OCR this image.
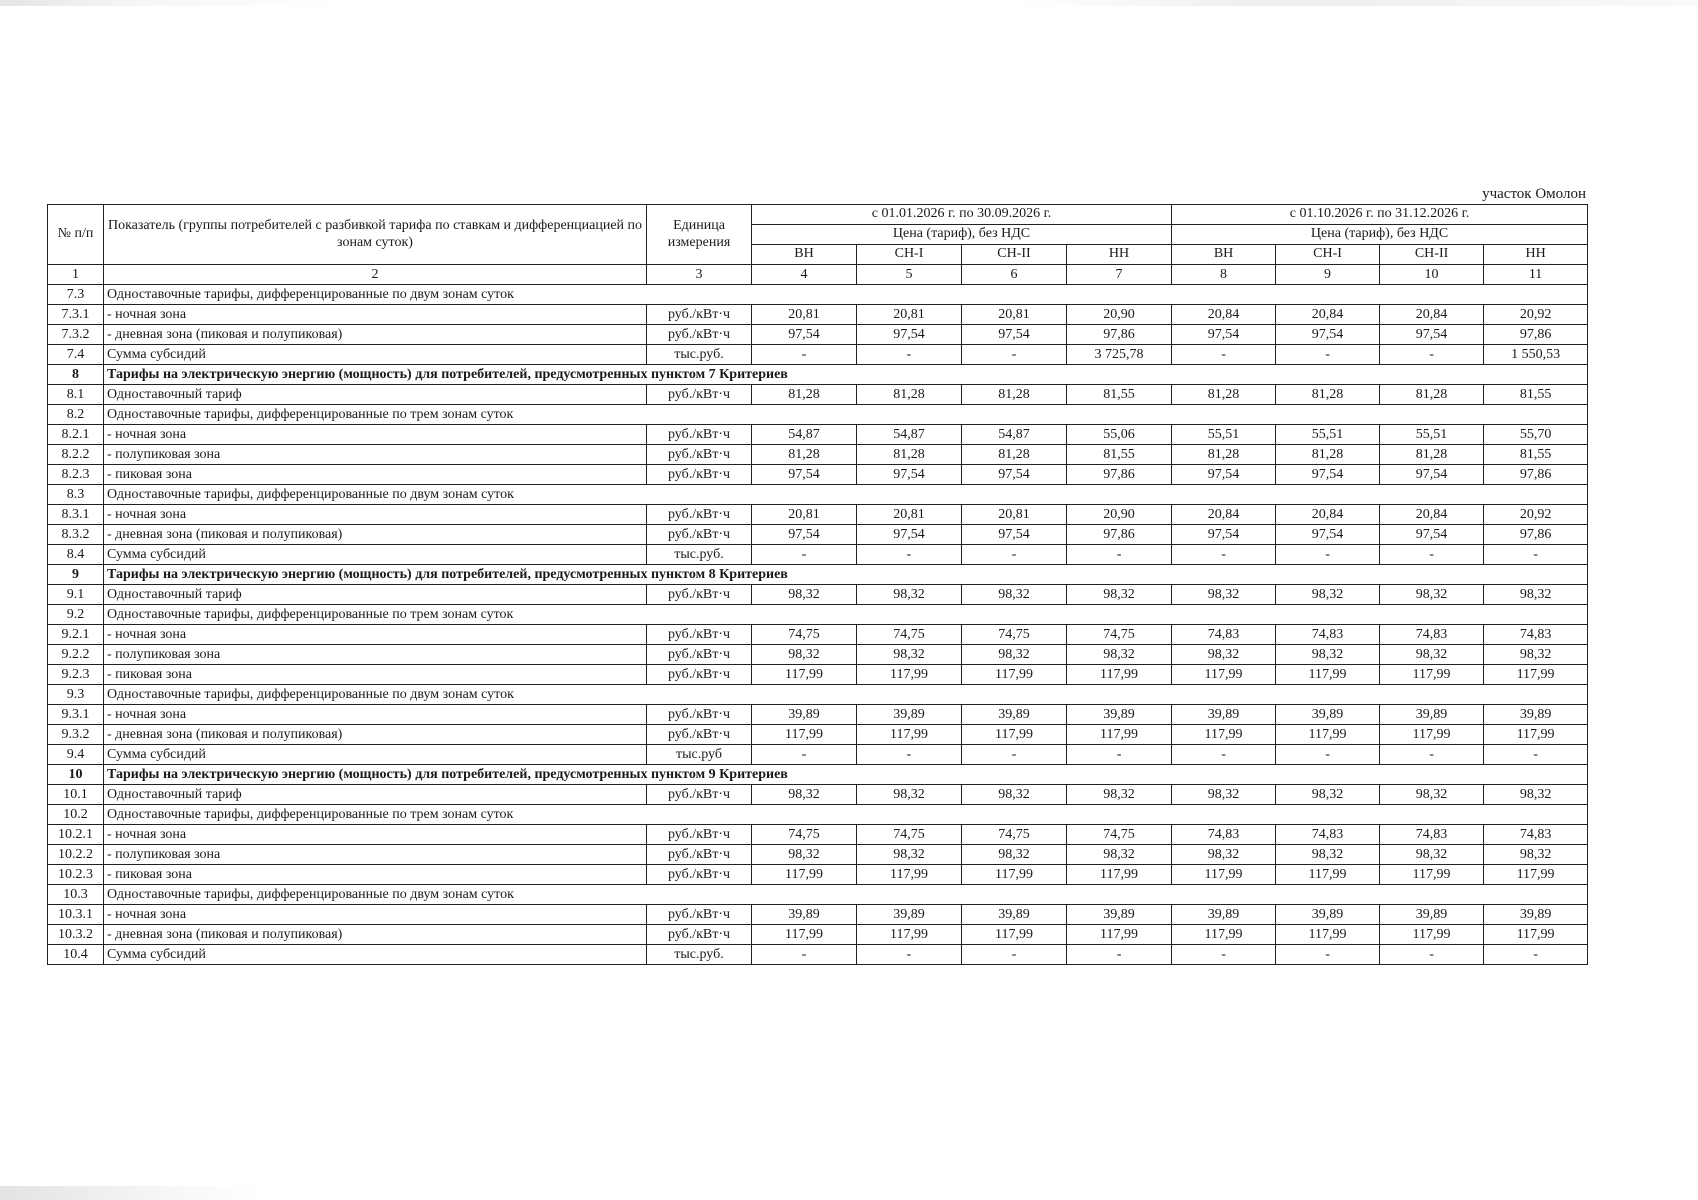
участок Омолон
№ п/п	Показатель (группы потребителей с разбивкой тарифа по ставкам и дифференциацией по зонам суток)	Единица измерения	с 01.01.2026 г. по 30.09.2026 г.				с 01.10.2026 г. по 31.12.2026 г.			
			Цена (тариф), без НДС				Цена (тариф), без НДС			
			ВН	СН-I	СН-II	НН	ВН	СН-I	СН-II	НН
1	2	3	4	5	6	7	8	9	10	11
7.3	Одноставочные тарифы, дифференцированные по двум зонам суток									
7.3.1	- ночная зона	руб./кВт·ч	20,81	20,81	20,81	20,90	20,84	20,84	20,84	20,92
7.3.2	- дневная зона (пиковая и полупиковая)	руб./кВт·ч	97,54	97,54	97,54	97,86	97,54	97,54	97,54	97,86
7.4	Сумма субсидий	тыс.руб.	-	-	-	3 725,78	-	-	-	1 550,53
8	Тарифы на электрическую энергию (мощность) для потребителей, предусмотренных пунктом 7 Критериев									
8.1	Одноставочный тариф	руб./кВт·ч	81,28	81,28	81,28	81,55	81,28	81,28	81,28	81,55
8.2	Одноставочные тарифы, дифференцированные по трем зонам суток									
8.2.1	- ночная зона	руб./кВт·ч	54,87	54,87	54,87	55,06	55,51	55,51	55,51	55,70
8.2.2	- полупиковая зона	руб./кВт·ч	81,28	81,28	81,28	81,55	81,28	81,28	81,28	81,55
8.2.3	- пиковая зона	руб./кВт·ч	97,54	97,54	97,54	97,86	97,54	97,54	97,54	97,86
8.3	Одноставочные тарифы, дифференцированные по двум зонам суток									
8.3.1	- ночная зона	руб./кВт·ч	20,81	20,81	20,81	20,90	20,84	20,84	20,84	20,92
8.3.2	- дневная зона (пиковая и полупиковая)	руб./кВт·ч	97,54	97,54	97,54	97,86	97,54	97,54	97,54	97,86
8.4	Сумма субсидий	тыс.руб.	-	-	-	-	-	-	-	-
9	Тарифы на электрическую энергию (мощность) для потребителей, предусмотренных пунктом 8 Критериев									
9.1	Одноставочный тариф	руб./кВт·ч	98,32	98,32	98,32	98,32	98,32	98,32	98,32	98,32
9.2	Одноставочные тарифы, дифференцированные по трем зонам суток									
9.2.1	- ночная зона	руб./кВт·ч	74,75	74,75	74,75	74,75	74,83	74,83	74,83	74,83
9.2.2	- полупиковая зона	руб./кВт·ч	98,32	98,32	98,32	98,32	98,32	98,32	98,32	98,32
9.2.3	- пиковая зона	руб./кВт·ч	117,99	117,99	117,99	117,99	117,99	117,99	117,99	117,99
9.3	Одноставочные тарифы, дифференцированные по двум зонам суток									
9.3.1	- ночная зона	руб./кВт·ч	39,89	39,89	39,89	39,89	39,89	39,89	39,89	39,89
9.3.2	- дневная зона (пиковая и полупиковая)	руб./кВт·ч	117,99	117,99	117,99	117,99	117,99	117,99	117,99	117,99
9.4	Сумма субсидий	тыс.руб	-	-	-	-	-	-	-	-
10	Тарифы на электрическую энергию (мощность) для потребителей, предусмотренных пунктом 9 Критериев									
10.1	Одноставочный тариф	руб./кВт·ч	98,32	98,32	98,32	98,32	98,32	98,32	98,32	98,32
10.2	Одноставочные тарифы, дифференцированные по трем зонам суток									
10.2.1	- ночная зона	руб./кВт·ч	74,75	74,75	74,75	74,75	74,83	74,83	74,83	74,83
10.2.2	- полупиковая зона	руб./кВт·ч	98,32	98,32	98,32	98,32	98,32	98,32	98,32	98,32
10.2.3	- пиковая зона	руб./кВт·ч	117,99	117,99	117,99	117,99	117,99	117,99	117,99	117,99
10.3	Одноставочные тарифы, дифференцированные по двум зонам суток									
10.3.1	- ночная зона	руб./кВт·ч	39,89	39,89	39,89	39,89	39,89	39,89	39,89	39,89
10.3.2	- дневная зона (пиковая и полупиковая)	руб./кВт·ч	117,99	117,99	117,99	117,99	117,99	117,99	117,99	117,99
10.4	Сумма субсидий	тыс.руб.	-	-	-	-	-	-	-	-
